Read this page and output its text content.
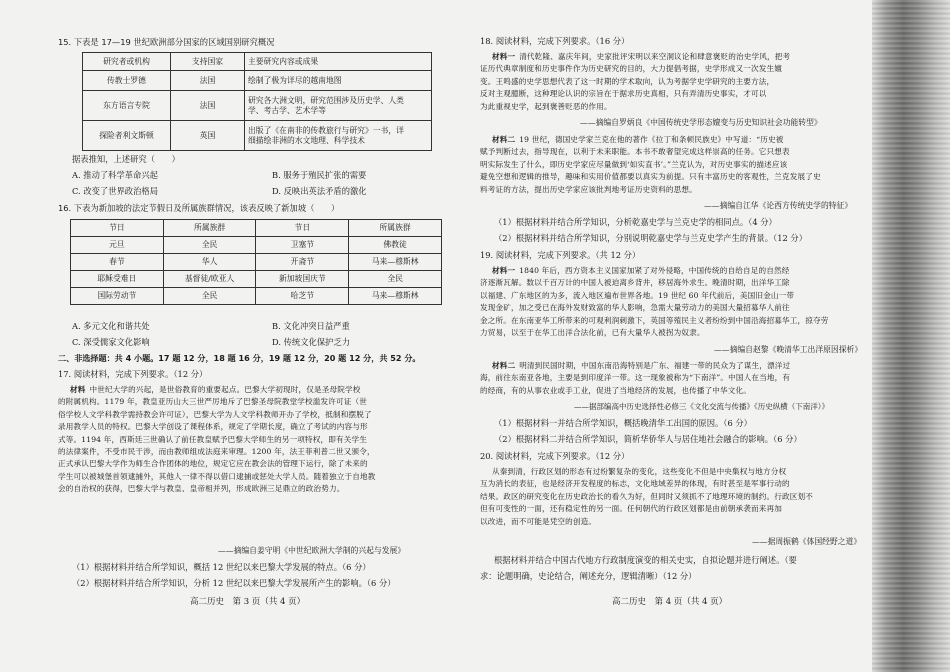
15. 下表是 17—19 世纪欧洲部分国家的区域国别研究概况
研究者或机构	支持国家	主要研究内容或成果
传教士罗德	法国	绘制了极为详尽的越南地图
东方语言专院	法国	研究各大洲文明，研究范围涉及历史学、人类
学、考古学、艺术学等

探险者利文斯顿	英国	出版了《在南非的传教旅行与研究》一书，详
细描绘非洲的水文地理、科学技术
据表推知，上述研究（　　）
A. 推动了科学革命兴起	B. 服务于殖民扩张的需要
C. 改变了世界政治格局	D. 反映出英法矛盾的激化
16. 下表为新加坡的法定节假日及所属族群情况，该表反映了新加坡（　　）
节日	所属族群	节日	所属族群
元旦	全民	卫塞节	佛教徒
春节	华人	开斋节	马来—穆斯林
耶稣受难日	基督徒/欧亚人	新加坡国庆节	全民
国际劳动节	全民	哈芝节	马来—穆斯林
A. 多元文化和谐共处	B. 文化冲突日益严重
C. 深受儒家文化影响	D. 传统文化保护乏力
二、非选择题：共 4 小题。17 题 12 分，18 题 16 分，19 题 12 分，20 题 12 分，共 52 分。
17. 阅读材料，完成下列要求。（12 分）
材料  中世纪大学的兴起，是世俗教育的重要起点。巴黎大学初现时，仅是圣母院学校
的附属机构。1179 年，教皇亚历山大三世严厉地斥了巴黎圣母院教堂学校滥发许可证（世
俗学校人文学科教学需持教会许可证），巴黎大学为人文学科教师开办了学校，抵制和摆脱了
录用教学人员的特权。巴黎大学创设了课程体系，规定了学期长度，确立了考试的内容与形
式等。1194 年，西斯廷三世确认了前任教皇赋予巴黎大学师生的另一项特权，即有关学生
的法律案件，不受市民干涉，而由教师组成法庭来审理。1200 年，法王菲利普二世又颁令，
正式承认巴黎大学作为师生合作团体的地位，规定它应在教会法的管理下运行，除了未来的
学生可以被城堡首领逮捕外，其他人一律不得以借口逮捕或惩处大学人员。随着独立于自地教
会的自治权的获得，巴黎大学与教皇、皇帝相并列，形成欧洲三足鼎立的政治势力。
——摘编自姜守明《中世纪欧洲大学制的兴起与发展》
（1）根据材料并结合所学知识，概括 12 世纪以来巴黎大学发展的特点。（6 分）
（2）根据材料并结合所学知识，分析 12 世纪以来巴黎大学发展所产生的影响。（6 分）
高二历史　第 3 页（共 4 页）
18. 阅读材料，完成下列要求。（16 分）
材料一  清代乾隆、嘉庆年间，史家批评宋明以来空洞议论和肆意褒贬的治史学风，把考
证历代典章制度和历史事件作为历史研究的目的，大力提倡考据，史学形成又一次发生嬗
变。王鸣盛的史学思想代表了这一时期的学术取向，认为考据学史学研究的主要方法，
反对主观臆断，这种理论认识的宗旨在于据求历史真相，只有弄清历史事实，才可以
为此重视史学，起到褒善贬恶的作用。
——摘编自罗炳良《中国传统史学形态嬗变与历史知识社会功能转型》
材料二  19 世纪，德国史学家兰克在他的著作《拉丁和条顿民族史》中写道：“历史被
赋予判断过去，指导现在，以利于未来职能。本书不敢奢望完成这样崇高的任务。它只想表
明实际发生了什么，即历史学家应尽量做到‘如实直书’。”兰克认为，对历史事实的描述应该
避免空想和逻辑的推导，趣味和实用价值都要以真实为前提。只有丰富历史的客观性，兰克发展了史
料考证的方法，提出历史学家应该批判地考证历史资料的思想。
——摘编自江华《论西方传统史学的特征》
（1）根据材料并结合所学知识，分析乾嘉史学与兰克史学的相同点。（4 分）
（2）根据材料并结合所学知识，分别说明乾嘉史学与兰克史学产生的背景。（12 分）
19. 阅读材料，完成下列要求。（共 12 分）
材料一  1840 年后，西方资本主义国家加紧了对外侵略，中国传统的自给自足的自然经
济逐渐瓦解。数以千百万计的中国人被迫离乡背井，移居海外求生。晚清时期，出洋华工除
以福建、广东地区的为多，流入地区遍布世界各地。19 世纪 60 年代前后，美国旧金山一带
发现金矿，加之受已在海外发财致富的华人影响，急需大量劳动力的美国大量招募华人前往
金之所。在东南亚华工所带来的可观利润刺激下，英国等殖民主义者纷纷到中国沿海招募华工，掠夺劳
力贸易，以至于在华工出洋合法化前，已有大量华人被拐为奴隶。
——摘编自赵黎《晚清华工出洋原因探析》
材料二  明清到民国时期，中国东南沿海特别是广东、福建一带的民众为了谋生，漂洋过
海，前往东南亚各地，主要是到印度洋一带。这一现象被称为“下南洋”。中国人在当地，有
的经商，有的从事农业或手工业，促进了当地经济的发展，也传播了中华文化。
——据部编高中历史选择性必修三《文化交流与传播》《历史纵横（下南洋）》
（1）根据材料一并结合所学知识，概括晚清华工出国的原因。（6 分）
（2）根据材料二并结合所学知识，简析华侨华人与居住地社会融合的影响。（6 分）
20. 阅读材料，完成下列要求。（12 分）
从秦到清，行政区划的形态有过纷繁复杂的变化，这些变化不但是中央集权与地方分权
互为消长的表征，也是经济开发程度的标志，文化地域差异的体现，有时甚至是军事行动的
结果。政区的研究变化在历史政治长的看久为好，但同时又须抓不了地理环境的制约。行政区划不
但有可变性的一面，还有稳定性的另一面。任何朝代的行政区划都是由前朝承袭而来再加
以改进，而不可能是凭空的创造。
——据周振鹤《体国经野之道》
根据材料并结合中国古代地方行政制度演变的相关史实，自拟论题并进行阐述。（要
求：论题明确，史论结合，阐述充分，逻辑清晰）（12 分）
高二历史　第 4 页（共 4 页）
